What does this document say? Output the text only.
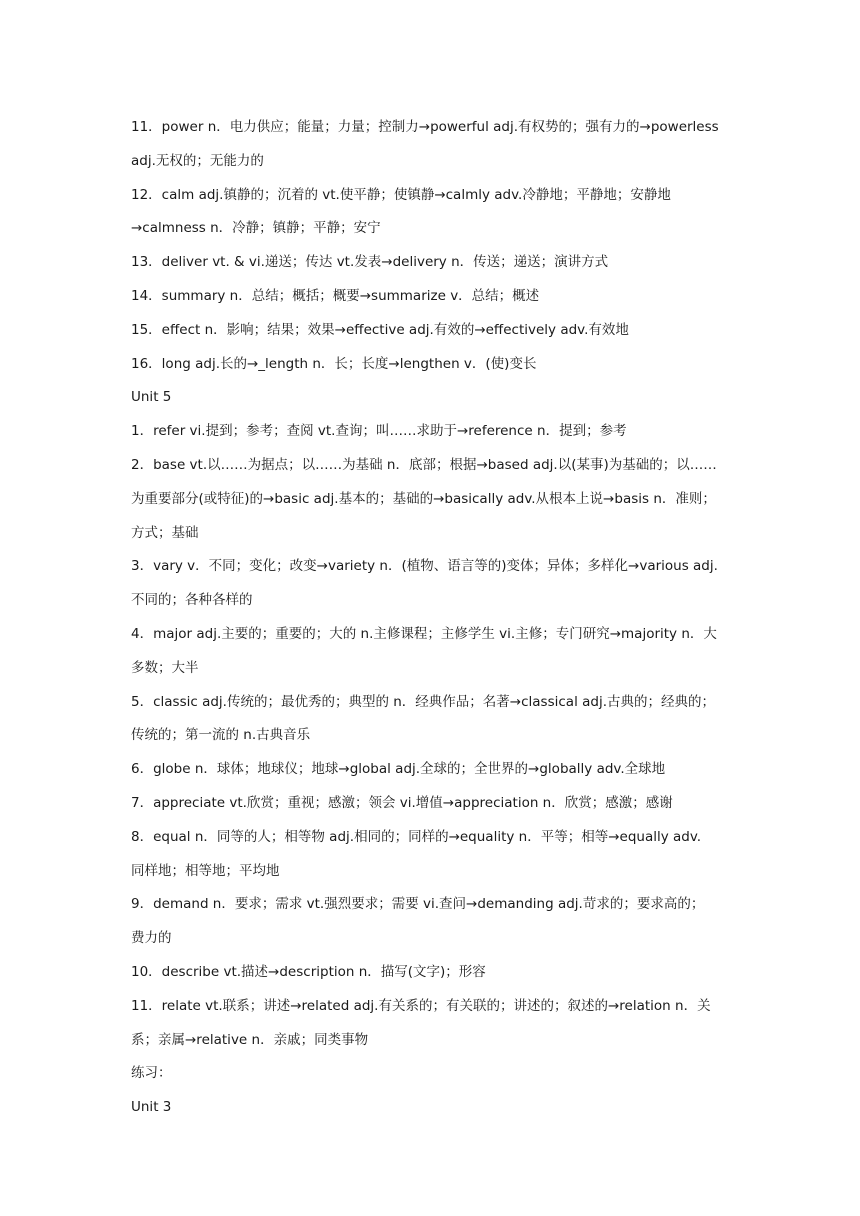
11．power n．电力供应；能量；力量；控制力→powerful adj.有权势的；强有力的→powerless
adj.无权的；无能力的
12．calm adj.镇静的；沉着的 vt.使平静；使镇静→calmly adv.冷静地；平静地；安静地
→calmness n．冷静；镇静；平静；安宁
13．deliver vt. & vi.递送；传达 vt.发表→delivery n．传送；递送；演讲方式
14．summary n．总结；概括；概要→summarize v．总结；概述
15．effect n．影响；结果；效果→effective adj.有效的→effectively adv.有效地
16．long adj.长的→_length n．长；长度→lengthen v．(使)变长
Unit 5
1．refer vi.提到；参考；查阅 vt.查询；叫……求助于→reference n．提到；参考
2．base vt.以……为据点；以……为基础 n．底部；根据→based adj.以(某事)为基础的；以……
为重要部分(或特征)的→basic adj.基本的；基础的→basically adv.从根本上说→basis n．准则；
方式；基础
3．vary v．不同；变化；改变→variety n．(植物、语言等的)变体；异体；多样化→various adj.
不同的；各种各样的
4．major adj.主要的；重要的；大的 n.主修课程；主修学生 vi.主修；专门研究→majority n．大
多数；大半
5．classic adj.传统的；最优秀的；典型的 n．经典作品；名著→classical adj.古典的；经典的；
传统的；第一流的 n.古典音乐
6．globe n．球体；地球仪；地球→global adj.全球的；全世界的→globally adv.全球地
7．appreciate vt.欣赏；重视；感激；领会 vi.增值→appreciation n．欣赏；感激；感谢
8．equal n．同等的人；相等物 adj.相同的；同样的→equality n．平等；相等→equally adv.
同样地；相等地；平均地
9．demand n．要求；需求 vt.强烈要求；需要 vi.查问→demanding adj.苛求的；要求高的；
费力的
10．describe vt.描述→description n．描写(文字)；形容
11．relate vt.联系；讲述→related adj.有关系的；有关联的；讲述的；叙述的→relation n．关
系；亲属→relative n．亲戚；同类事物
练习：
Unit 3
